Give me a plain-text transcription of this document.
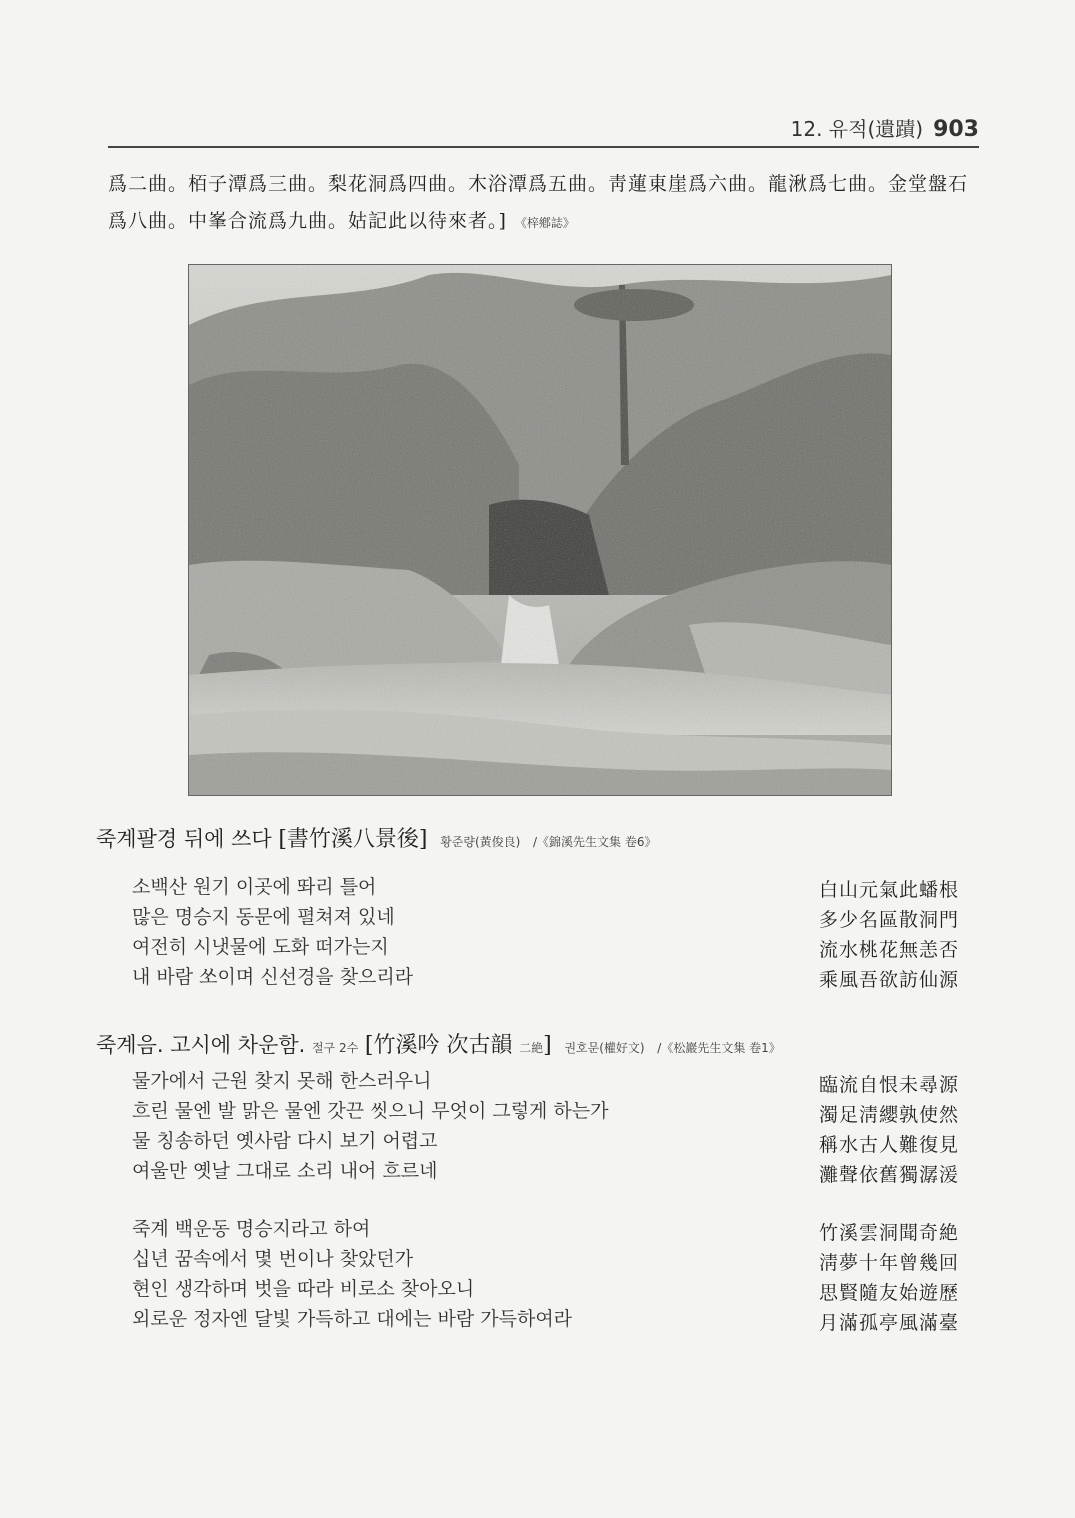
12. 유적(遺蹟) 903
爲二曲。栢子潭爲三曲。梨花洞爲四曲。木浴潭爲五曲。靑蓮東崖爲六曲。龍湫爲七曲。金堂盤石爲八曲。中峯合流爲九曲。姑記此以待來者。] 《梓鄕誌》
죽계팔경 뒤에 쓰다 [書竹溪八景後] 황준량(黃俊良) /《錦溪先生文集 卷6》
소백산 원기 이곳에 똬리 틀어
많은 명승지 동문에 펼쳐져 있네
여전히 시냇물에 도화 떠가는지
내 바람 쏘이며 신선경을 찾으리라
白山元氣此蟠根
多少名區散洞門
流水桃花無恙否
乘風吾欲訪仙源
죽계음. 고시에 차운함. 절구 2수 [竹溪吟 次古韻 二絶] 권호문(權好文) /《松巖先生文集 卷1》
물가에서 근원 찾지 못해 한스러우니
흐린 물엔 발 맑은 물엔 갓끈 씻으니 무엇이 그렇게 하는가
물 칭송하던 옛사람 다시 보기 어렵고
여울만 옛날 그대로 소리 내어 흐르네
臨流自恨未尋源
濁足淸纓孰使然
稱水古人難復見
灘聲依舊獨潺湲
죽계 백운동 명승지라고 하여
십년 꿈속에서 몇 번이나 찾았던가
현인 생각하며 벗을 따라 비로소 찾아오니
외로운 정자엔 달빛 가득하고 대에는 바람 가득하여라
竹溪雲洞聞奇絶
淸夢十年曾幾回
思賢隨友始遊歷
月滿孤亭風滿臺
